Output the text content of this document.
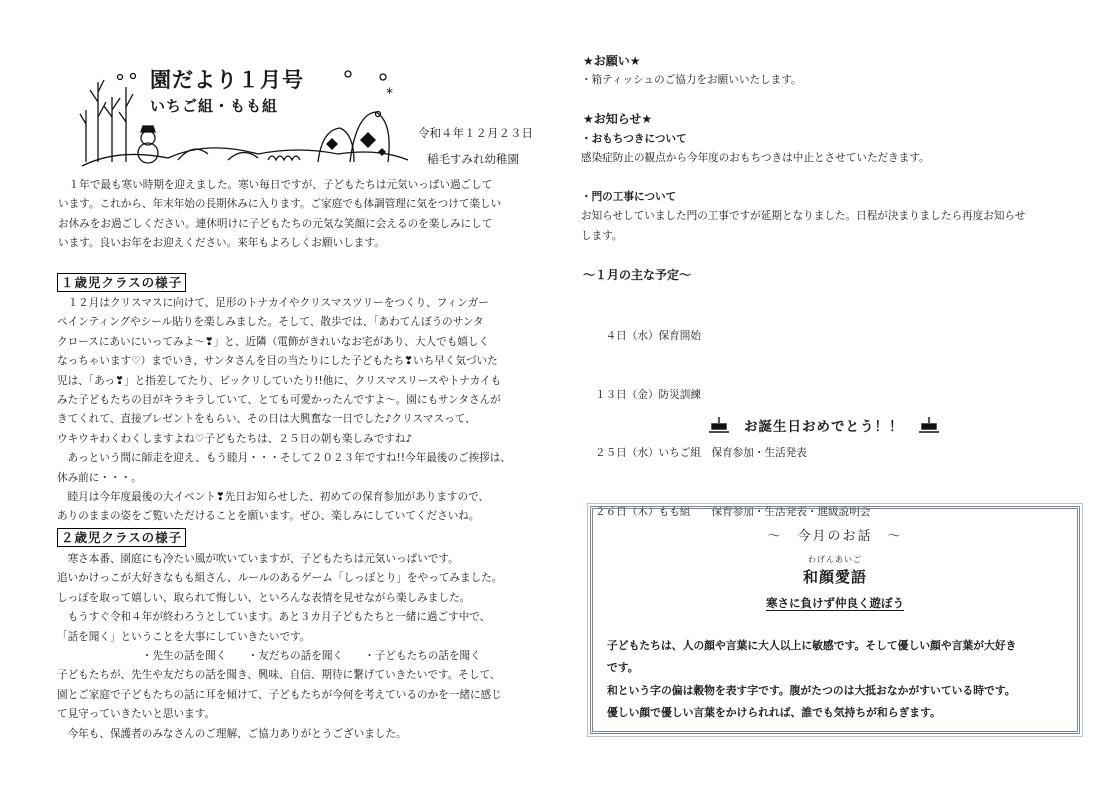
*
園だより１月号
いちご組・もも組
令和４年１２月２３日
稲毛すみれ幼稚園

　１年で最も寒い時期を迎えました。寒い毎日ですが、子どもたちは元気いっぱい過ごして
います。これから、年末年始の長期休みに入ります。ご家庭でも体調管理に気をつけて楽しい
お休みをお過ごしください。連休明けに子どもたちの元気な笑顔に会えるのを楽しみにして
います。良いお年をお迎えください。来年もよろしくお願いします。

１歳児クラスの様子

　１２月はクリスマスに向けて、足形のトナカイやクリスマスツリーをつくり、フィンガー
ペインティングやシール貼りを楽しみました。そして、散歩では、「あわてんぼうのサンタ
クロースにあいにいってみよ～❣」と、近隣（電飾がきれいなお宅があり、大人でも嬉しく
なっちゃいます♡）までいき、サンタさんを目の当たりにした子どもたち❣いち早く気づいた
児は、「あっ❣」と指差してたり、ビックリしていたり!!他に、クリスマスリースやトナカイも
みた子どもたちの目がキラキラしていて、とても可愛かったんですよ～。園にもサンタさんが
きてくれて、直接プレゼントをもらい、その日は大興奮な一日でした♪クリスマスって、
ウキウキわくわくしますよね♡子どもたちは、２５日の朝も楽しみですね♪
　あっという間に師走を迎え、もう睦月・・・そして２０２３年ですね!!今年最後のご挨拶は、
休み前に・・・。
　睦月は今年度最後の大イベント❣先日お知らせした、初めての保育参加がありますので、
ありのままの姿をご覧いただけることを願います。ぜひ、楽しみにしていてくださいね。

２歳児クラスの様子

　寒さ本番、園庭にも冷たい風が吹いていますが、子どもたちは元気いっぱいです。
追いかけっこが大好きなもも組さん、ルールのあるゲーム「しっぽとり」をやってみました。
しっぽを取って嬉しい、取られて悔しい、といろんな表情を見せながら楽しみました。
　もうすぐ令和４年が終わろうとしています。あと３カ月子どもたちと一緒に過ごす中で、
「話を聞く」ということを大事にしていきたいです。
　　　　　　　　・先生の話を聞く　　・友だちの話を聞く　　・子どもたちの話を聞く
子どもたちが、先生や友だちの話を聞き、興味、自信、期待に繋げていきたいです。そして、
園とご家庭で子どもたちの話に耳を傾けて、子どもたちが今何を考えているのかを一緒に感じ
て見守っていきたいと思います。
　今年も、保護者のみなさんのご理解、ご協力ありがとうございました。

★お願い★
・箱ティッシュのご協力をお願いいたします。
★お知らせ★
・おもちつきについて
感染症防止の観点から今年度のおもちつきは中止とさせていただきます。
・門の工事について
お知らせしていました門の工事ですが延期となりました。日程が決まりましたら再度お知らせ
します。
～１月の主な予定～

　４日（水）保育開始

１３日（金）防災訓練

２５日（水）いちご組　保育参加・生活発表

２６日（木）もも組　　保育参加・生活発表・進級説明会

お誕生日おめでとう！！
～　今月のお話　～
わげんあいご
和顔愛語
寒さに負けず仲良く遊ぼう
子どもたちは、人の顔や言葉に大人以上に敏感です。そして優しい顔や言葉が大好き
です。
和という字の偏は穀物を表す字です。腹がたつのは大抵おなかがすいている時です。
優しい顔で優しい言葉をかけられれば、誰でも気持ちが和らぎます。
